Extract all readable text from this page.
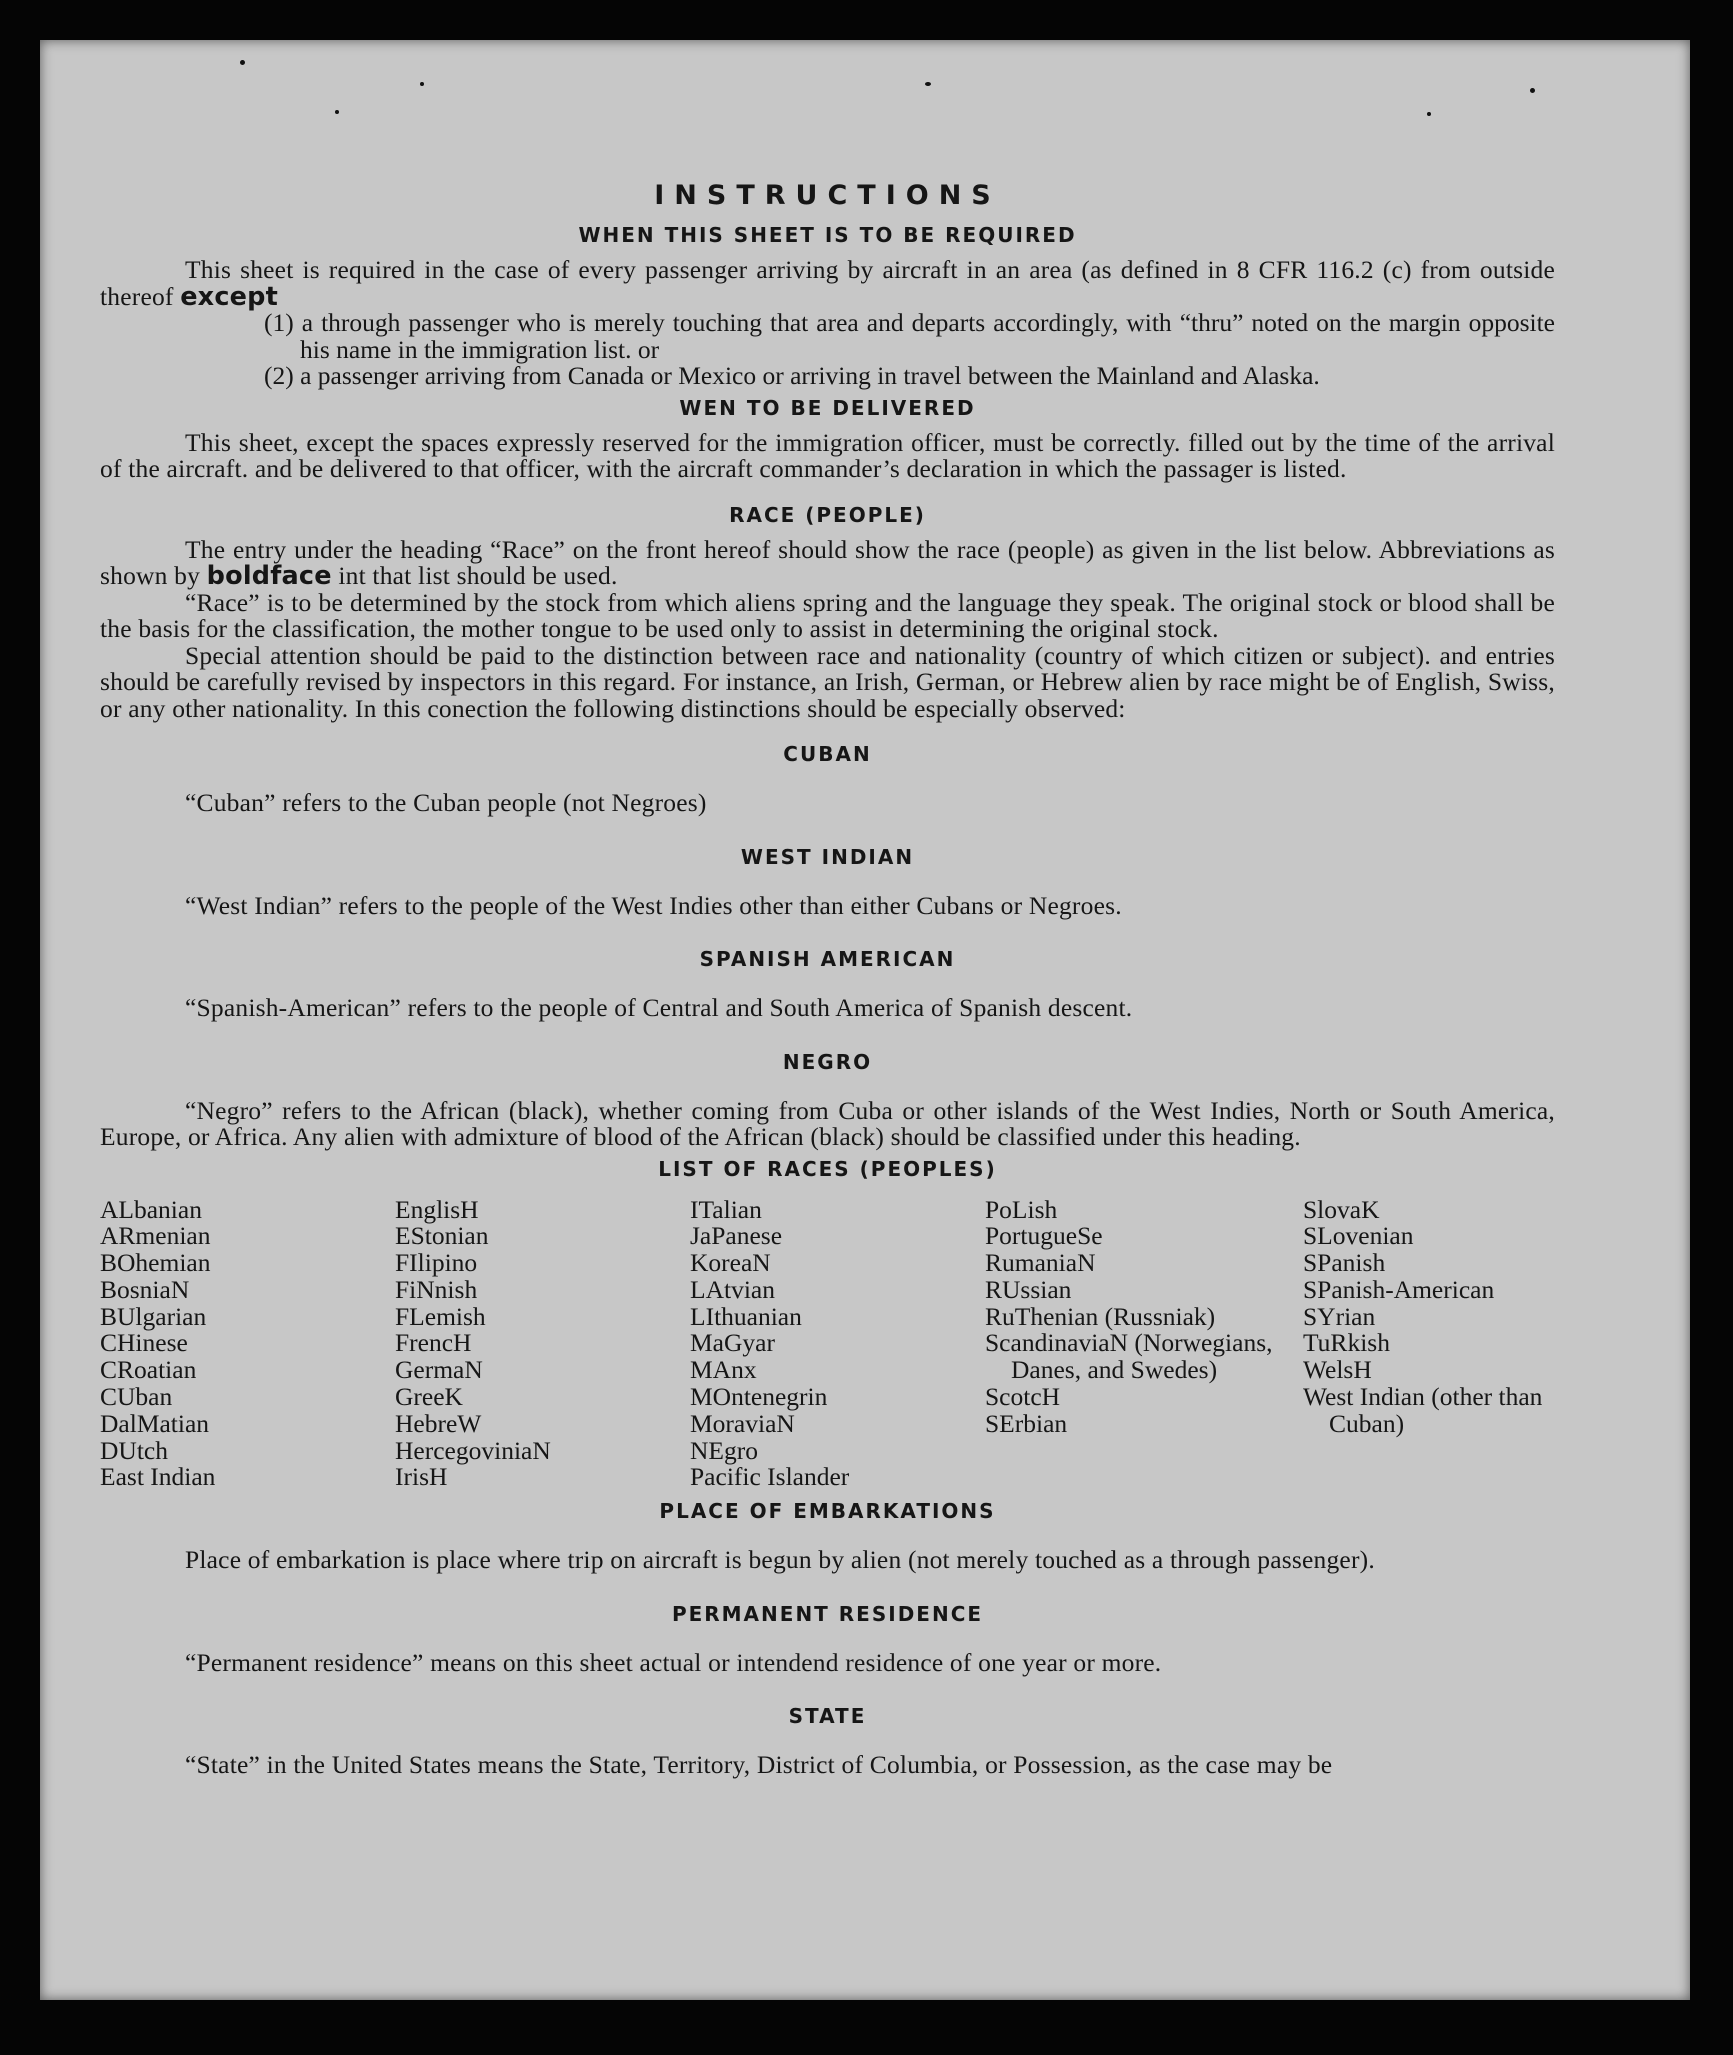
INSTRUCTIONS
WHEN THIS SHEET IS TO BE REQUIRED

This sheet is required in the case of every passenger arriving by aircraft in an area (as defined in 8 CFR 116.2 (c) from outside thereof except

(1) a through passenger who is merely touching that area and departs accordingly, with “thru” noted on the margin opposite his name in the immigration list. or
(2) a passenger arriving from Canada or Mexico or arriving in travel between the Mainland and Alaska.
WEN TO BE DELIVERED

This sheet, except the spaces expressly reserved for the immigration officer, must be correctly. filled out by the time of the arrival of the aircraft. and be delivered to that officer, with the aircraft commander’s declaration in which the passager is listed.

RACE (PEOPLE)

The entry under the heading “Race” on the front hereof should show the race (people) as given in the list below. Abbreviations as shown by boldface int that list should be used.

“Race” is to be determined by the stock from which aliens spring and the language they speak. The original stock or blood shall be the basis for the classification, the mother tongue to be used only to assist in determining the original stock.

Special attention should be paid to the distinction between race and nationality (country of which citizen or subject). and entries should be carefully revised by inspectors in this regard. For instance, an Irish, German, or Hebrew alien by race might be of English, Swiss, or any other nationality. In this conection the following distinctions should be especially observed:

CUBAN

“Cuban” refers to the Cuban people (not Negroes)

WEST INDIAN

“West Indian” refers to the people of the West Indies other than either Cubans or Negroes.

SPANISH AMERICAN

“Spanish-American” refers to the people of Central and South America of Spanish descent.

NEGRO

“Negro” refers to the African (black), whether coming from Cuba or other islands of the West Indies, North or South America, Europe, or Africa. Any alien with admixture of blood of the African (black) should be classified under this heading.

LIST OF RACES (PEOPLES)
ALbanian
ARmenian
BOhemian
BosniaN
BUlgarian
CHinese
CRoatian
CUban
DalMatian
DUtch
East Indian
EnglisH
EStonian
FIlipino
FiNnish
FLemish
FrencH
GermaN
GreeK
HebreW
HercegoviniaN
IrisH
ITalian
JaPanese
KoreaN
LAtvian
LIthuanian
MaGyar
MAnx
MOntenegrin
MoraviaN
NEgro
Pacific Islander
PoLish
PortugueSe
RumaniaN
RUssian
RuThenian (Russniak)
ScandinaviaN (Norwegians, Danes, and Swedes)
ScotcH
SErbian
SlovaK
SLovenian
SPanish
SPanish-American
SYrian
TuRkish
WelsH
West Indian (other than Cuban)
PLACE OF EMBARKATIONS

Place of embarkation is place where trip on aircraft is begun by alien (not merely touched as a through passenger).

PERMANENT RESIDENCE

“Permanent residence” means on this sheet actual or intendend residence of one year or more.

STATE

“State” in the United States means the State, Territory, District of Columbia, or Possession, as the case may be
